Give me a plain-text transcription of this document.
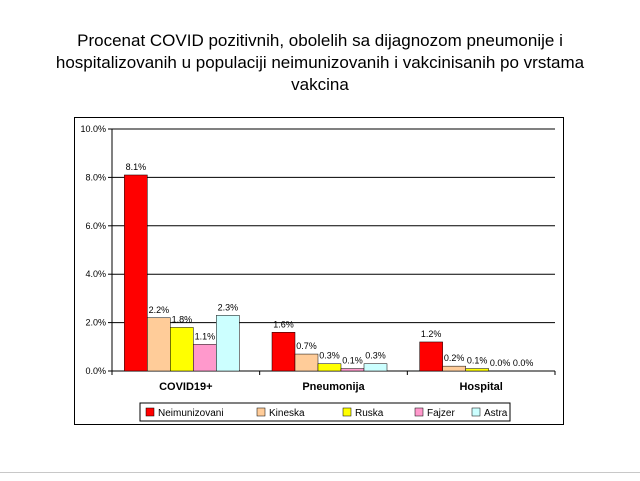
Procenat COVID pozitivnih, obolelih sa dijagnozom pneumonije i
hospitalizovanih u populaciji neimunizovanih i vakcinisanih po vrstama
vakcina
0.0%
2.0%
4.0%
6.0%
8.0%
10.0%
8.1%
2.2%
1.8%
1.1%
2.3%
COVID19+
1.6%
0.7%
0.3% 0.1% 0.3%
Pneumonija
1.2%
0.2% 0.1% 0.0% 0.0%
Hospital
Neimunizovani	Kineska	Ruska	Fajzer	Astra
